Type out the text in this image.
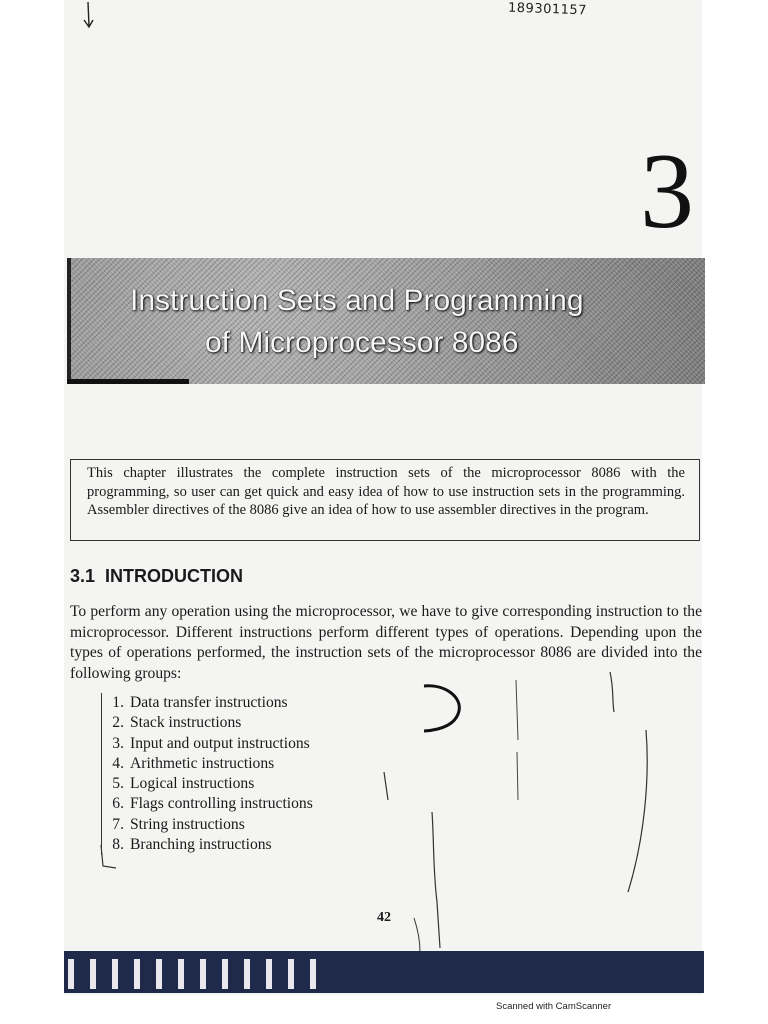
189301157
3
Instruction Sets and Programming
of Microprocessor 8086
This chapter illustrates the complete instruction sets of the microprocessor 8086 with the programming, so user can get quick and easy idea of how to use instruction sets in the programming. Assembler directives of the 8086 give an idea of how to use assembler directives in the program.
3.1 INTRODUCTION
To perform any operation using the microprocessor, we have to give corresponding instruction to the microprocessor. Different instructions perform different types of operations. Depending upon the types of operations performed, the instruction sets of the microprocessor 8086 are divided into the following groups:
1. Data transfer instructions
2. Stack instructions
3. Input and output instructions
4. Arithmetic instructions
5. Logical instructions
6. Flags controlling instructions
7. String instructions
8. Branching instructions
42
Scanned with CamScanner
